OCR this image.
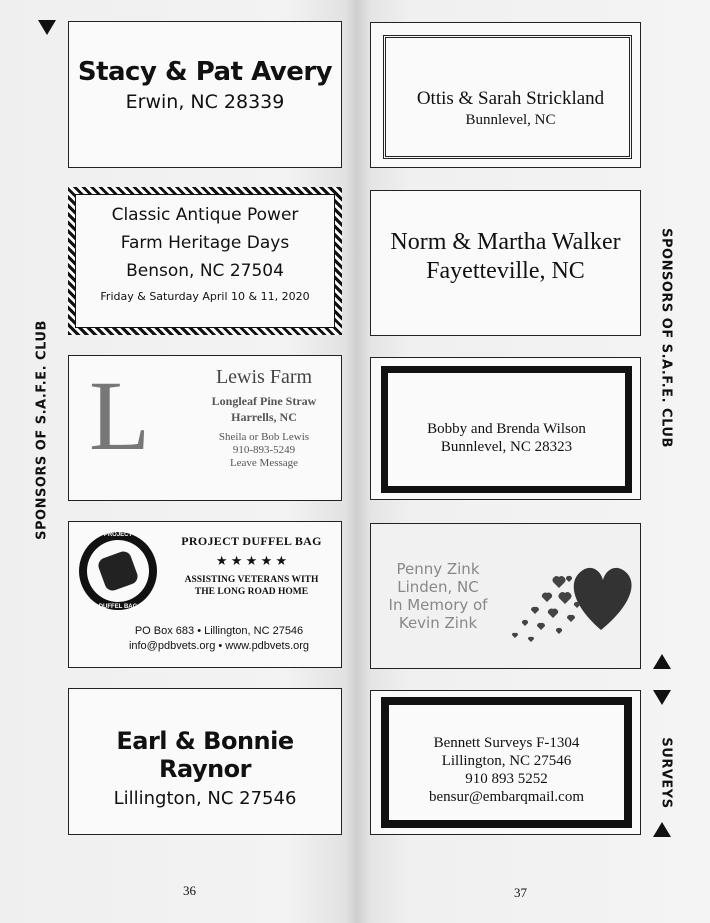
SPONSORS OF S.A.F.E. CLUB
Stacy & Pat Avery
Erwin, NC 28339
Classic Antique Power
Farm Heritage Days
Benson, NC 27504
Friday & Saturday April 10 & 11, 2020
L	Lewis Farm
Longleaf Pine Straw
Harrells, NC
Sheila or Bob Lewis
910-893-5249
Leave Message
PROJECT
DUFFEL BAG
PROJECT DUFFEL BAG
★ ★ ★ ★ ★
ASSISTING VETERANS WITH
THE LONG ROAD HOME
PO Box 683 • Lillington, NC 27546
info@pdbvets.org • www.pdbvets.org
Earl & Bonnie Raynor
Lillington, NC 27546
36
Ottis & Sarah Strickland
Bunnlevel, NC
Norm & Martha Walker
Fayetteville, NC
Bobby and Brenda Wilson
Bunnlevel, NC 28323
Penny Zink
Linden, NC
In Memory of
Kevin Zink
Bennett Surveys F-1304
Lillington, NC 27546
910 893 5252
bensur@embarqmail.com
SPONSORS OF S.A.F.E. CLUB
SURVEYS
37
